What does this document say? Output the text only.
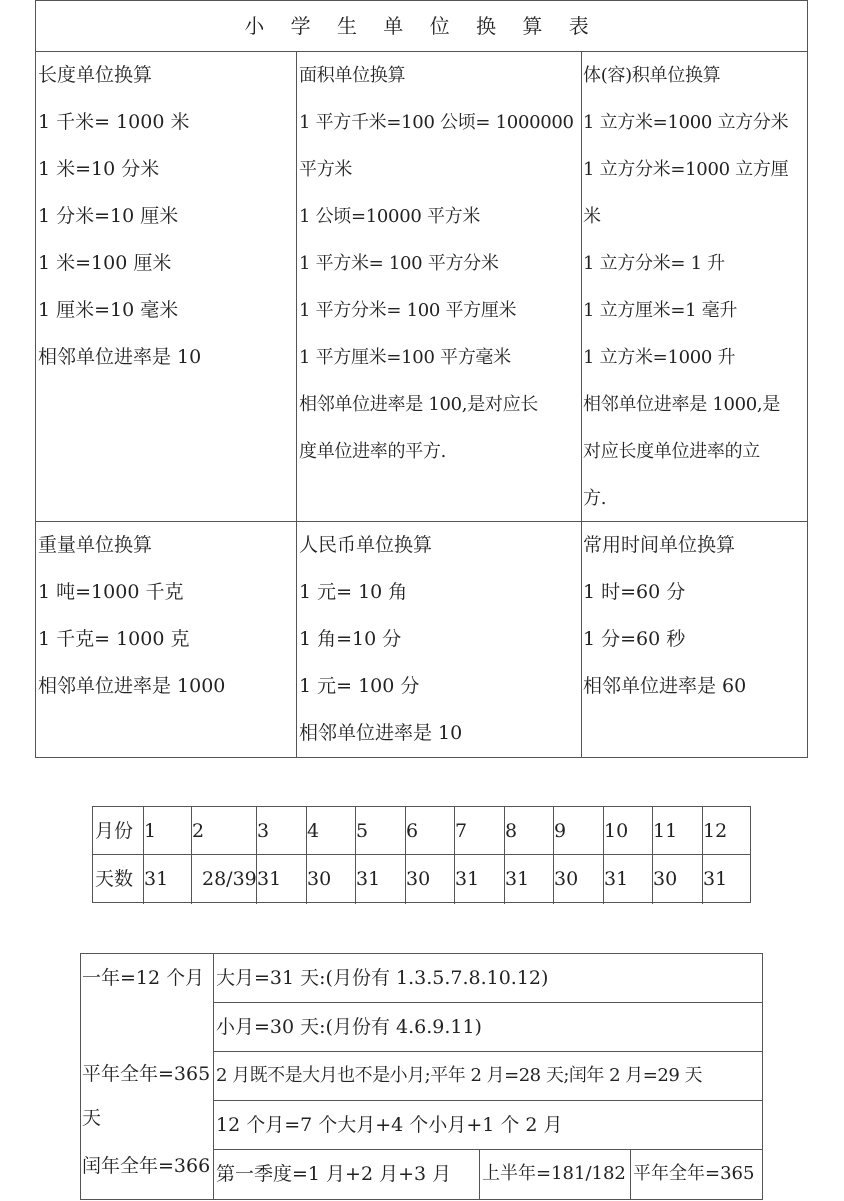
小 学 生 单 位 换 算 表
长度单位换算
1 千米= 1000 米
1 米=10 分米
1 分米=10 厘米
1 米=100 厘米
1 厘米=10 毫米
相邻单位进率是 10
面积单位换算
1 平方千米=100 公顷= 1000000
平方米
1 公顷=10000 平方米
1 平方米= 100 平方分米
1 平方分米= 100 平方厘米
1 平方厘米=100 平方毫米
相邻单位进率是 100,是对应长
度单位进率的平方.
体(容)积单位换算
1 立方米=1000 立方分米
1 立方分米=1000 立方厘
米
1 立方分米= 1 升
1 立方厘米=1 毫升
1 立方米=1000 升
相邻单位进率是 1000,是
对应长度单位进率的立
方.
重量单位换算
1 吨=1000 千克
1 千克= 1000 克
相邻单位进率是 1000
人民币单位换算
1 元= 10 角
1 角=10 分
1 元= 100 分
相邻单位进率是 10
常用时间单位换算
1 时=60 分
1 分=60 秒
相邻单位进率是 60
月份 1 2	3 4 5 6 7 8 9 10 11 12
天数 31	28/39 31 30 31 30 31 31 30 31 30 31
一年=12 个月
平年全年=365
天
闰年全年=366
大月=31 天:(月份有 1.3.5.7.8.10.12)
小月=30 天:(月份有 4.6.9.11)
2 月既不是大月也不是小月;平年 2 月=28 天;闰年 2 月=29 天
12 个月=7 个大月+4 个小月+1 个 2 月
第一季度=1 月+2 月+3 月 上半年=181/182 平年全年=365
